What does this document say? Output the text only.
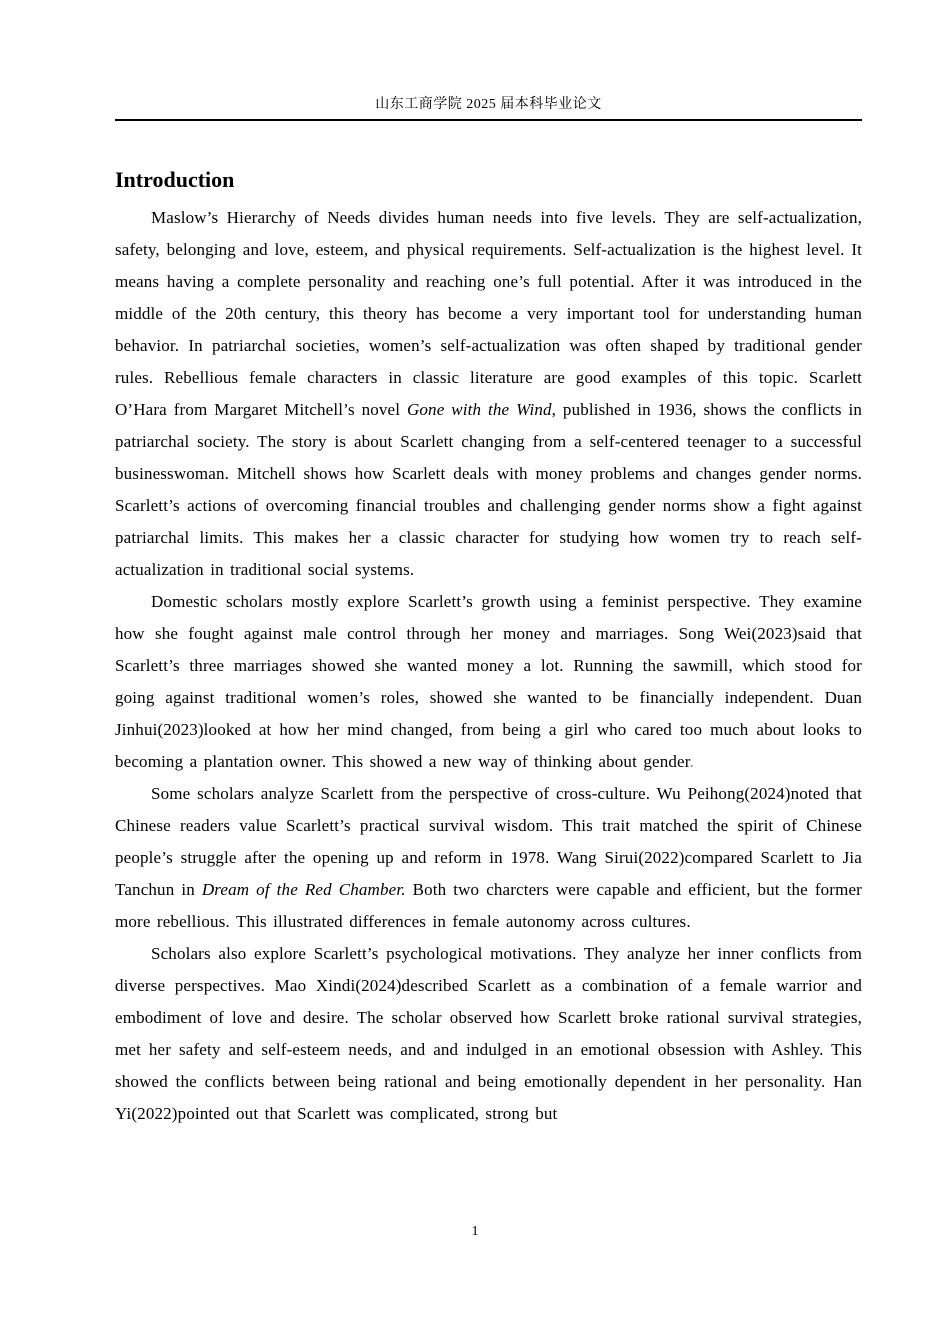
山东工商学院 2025 届本科毕业论文
Introduction

Maslow’s Hierarchy of Needs divides human needs into five levels. They are self-actualization, safety, belonging and love, esteem, and physical requirements. Self-actualization is the highest level. It means having a complete personality and reaching one’s full potential. After it was introduced in the middle of the 20th century, this theory has become a very important tool for understanding human behavior. In patriarchal societies, women’s self-actualization was often shaped by traditional gender rules. Rebellious female characters in classic literature are good examples of this topic. Scarlett O’Hara from Margaret Mitchell’s novel Gone with the Wind, published in 1936, shows the conflicts in patriarchal society. The story is about Scarlett changing from a self-centered teenager to a successful businesswoman. Mitchell shows how Scarlett deals with money problems and changes gender norms. Scarlett’s actions of overcoming financial troubles and challenging gender norms show a fight against patriarchal limits. This makes her a classic character for studying how women try to reach self-actualization in traditional social systems.

Domestic scholars mostly explore Scarlett’s growth using a feminist perspective. They examine how she fought against male control through her money and marriages. Song Wei(2023)said that Scarlett’s three marriages showed she wanted money a lot. Running the sawmill, which stood for going against traditional women’s roles, showed she wanted to be financially independent. Duan Jinhui(2023)looked at how her mind changed, from being a girl who cared too much about looks to becoming a plantation owner. This showed a new way of thinking about gender.

Some scholars analyze Scarlett from the perspective of cross-culture. Wu Peihong(2024)noted that Chinese readers value Scarlett’s practical survival wisdom. This trait matched the spirit of Chinese people’s struggle after the opening up and reform in 1978. Wang Sirui(2022)compared Scarlett to Jia Tanchun in Dream of the Red Chamber. Both two charcters were capable and efficient, but the former more rebellious. This illustrated differences in female autonomy across cultures.

Scholars also explore Scarlett’s psychological motivations. They analyze her inner conflicts from diverse perspectives. Mao Xindi(2024)described Scarlett as a combination of a female warrior and embodiment of love and desire. The scholar observed how Scarlett broke rational survival strategies, met her safety and self-esteem needs, and and indulged in an emotional obsession with Ashley. This showed the conflicts between being rational and being emotionally dependent in her personality. Han Yi(2022)pointed out that Scarlett was complicated, strong but

1
